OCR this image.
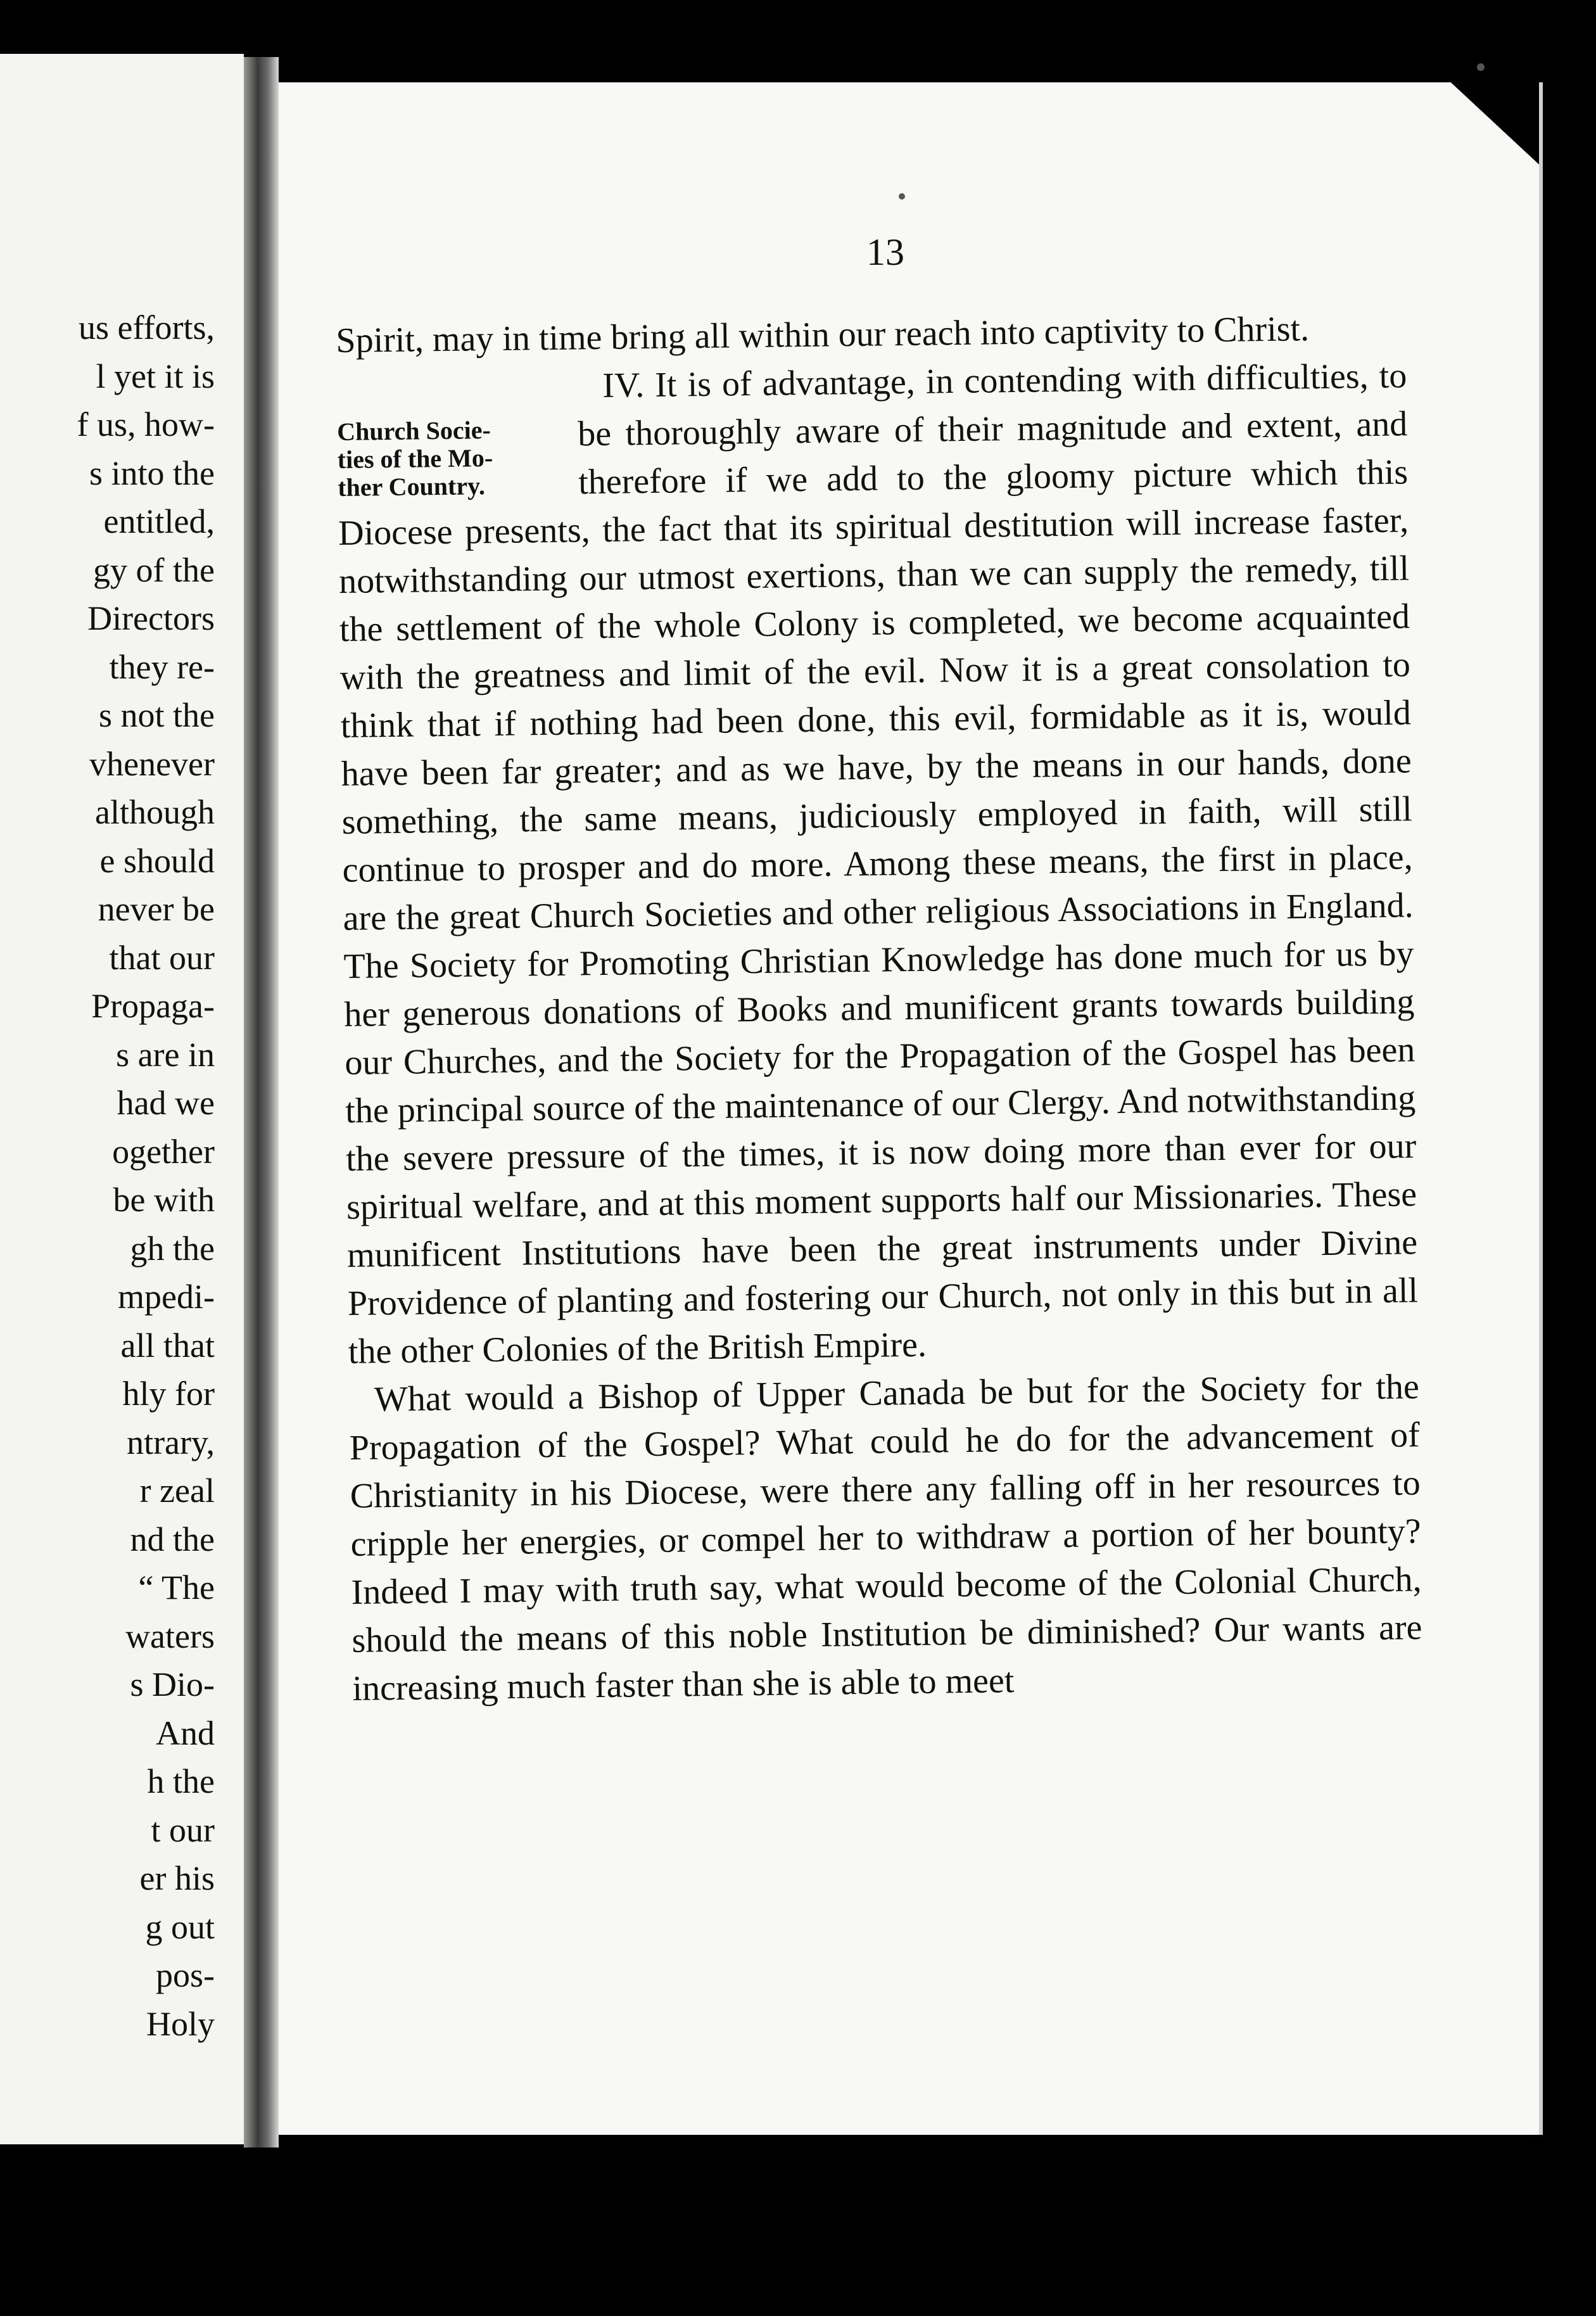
us efforts,
l yet it is
f us, how-
s into the
entitled,
gy of the
Directors
they re-
s not the
vhenever
although
e should
never be
that our
Propaga-
s are in
had we
ogether
be with
gh the
mpedi-
all that
hly for
ntrary,
r zeal
nd the
“ The
waters
s Dio-
And
h the
t our
er his
g out
pos-
Holy
13

Spirit, may in time bring all within our reach into captivity to Christ.

Church Socie-
ties of the Mo-
ther Country.

IV. It is of advantage, in contending with difficulties, to be thoroughly aware of their magnitude and extent, and therefore if we add to the gloomy picture which this Diocese presents, the fact that its spiritual destitution will increase faster, notwithstanding our utmost exertions, than we can supply the remedy, till the settlement of the whole Colony is completed, we become acquainted with the greatness and limit of the evil. Now it is a great consolation to think that if nothing had been done, this evil, formidable as it is, would have been far greater; and as we have, by the means in our hands, done something, the same means, judiciously employed in faith, will still continue to prosper and do more. Among these means, the first in place, are the great Church Societies and other religious Associations in England. The Society for Promoting Christian Knowledge has done much for us by her generous donations of Books and munificent grants towards building our Churches, and the Society for the Propagation of the Gospel has been the principal source of the maintenance of our Clergy. And notwithstanding the severe pressure of the times, it is now doing more than ever for our spiritual welfare, and at this moment supports half our Missionaries. These munificent Institutions have been the great instruments under Divine Providence of planting and fostering our Church, not only in this but in all the other Colonies of the British Empire.

What would a Bishop of Upper Canada be but for the Society for the Propagation of the Gospel? What could he do for the advancement of Christianity in his Diocese, were there any falling off in her resources to cripple her energies, or compel her to withdraw a portion of her bounty? Indeed I may with truth say, what would become of the Colonial Church, should the means of this noble Institution be diminished? Our wants are increasing much faster than she is able to meet
